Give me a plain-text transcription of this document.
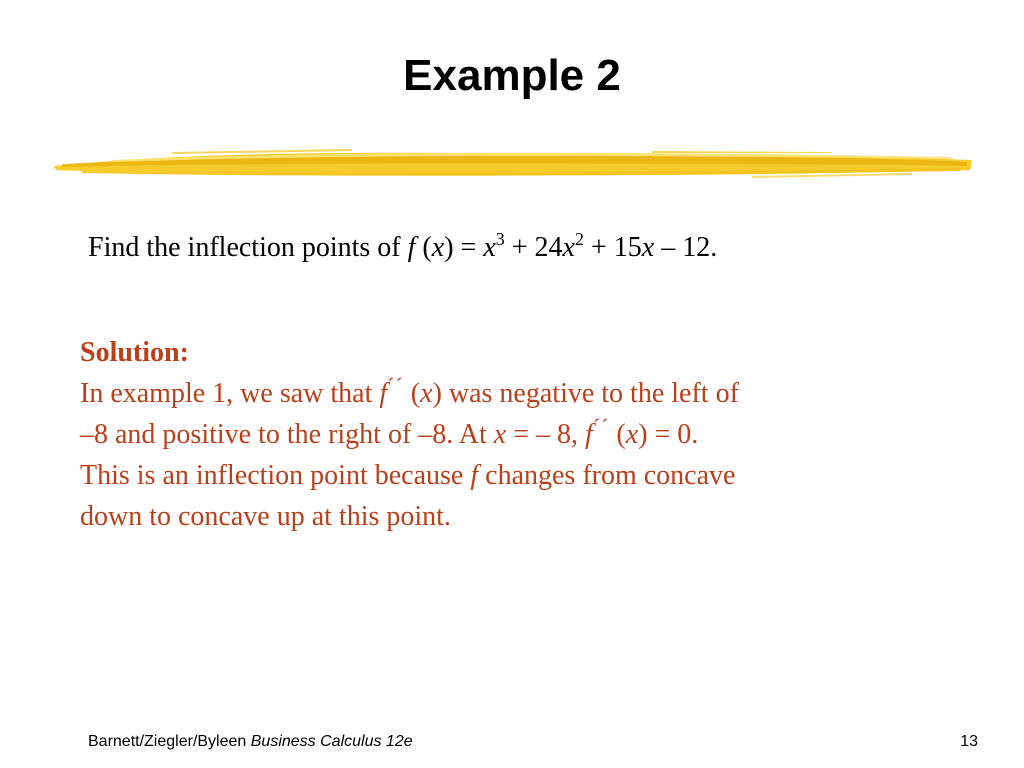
Example 2
Find the inflection points of f $(x) = x^3 + 24x^2 + 15x - 12$.
Solution:
In example 1, we saw that f´´ (x) was negative to the left of
–8 and positive to the right of –8. At x = – 8, f´´ (x) = 0.
This is an inflection point because f changes from concave
down to concave up at this point.
Barnett/Ziegler/Byleen Business Calculus 12e	13
